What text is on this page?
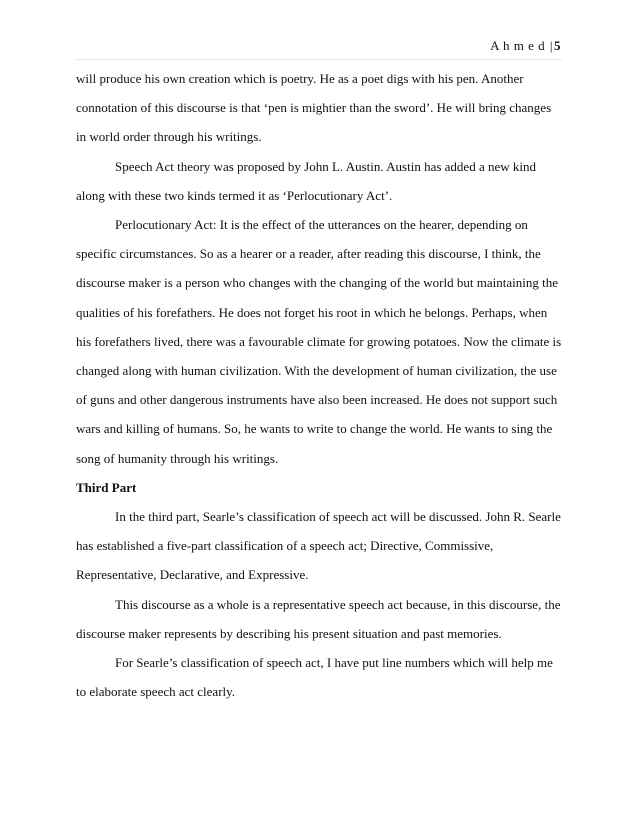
A h m e d |5

will produce his own creation which is poetry. He as a poet digs with his pen. Another connotation of this discourse is that ‘pen is mightier than the sword’. He will bring changes in world order through his writings.

Speech Act theory was proposed by John L. Austin. Austin has added a new kind along with these two kinds termed it as ‘Perlocutionary Act’.

Perlocutionary Act: It is the effect of the utterances on the hearer, depending on specific circumstances. So as a hearer or a reader, after reading this discourse, I think, the discourse maker is a person who changes with the changing of the world but maintaining the qualities of his forefathers. He does not forget his root in which he belongs. Perhaps, when his forefathers lived, there was a favourable climate for growing potatoes. Now the climate is changed along with human civilization. With the development of human civilization, the use of guns and other dangerous instruments have also been increased. He does not support such wars and killing of humans. So, he wants to write to change the world. He wants to sing the song of humanity through his writings.

Third Part

In the third part, Searle’s classification of speech act will be discussed. John R. Searle has established a five-part classification of a speech act; Directive, Commissive, Representative, Declarative, and Expressive.

This discourse as a whole is a representative speech act because, in this discourse, the discourse maker represents by describing his present situation and past memories.

For Searle’s classification of speech act, I have put line numbers which will help me to elaborate speech act clearly.
